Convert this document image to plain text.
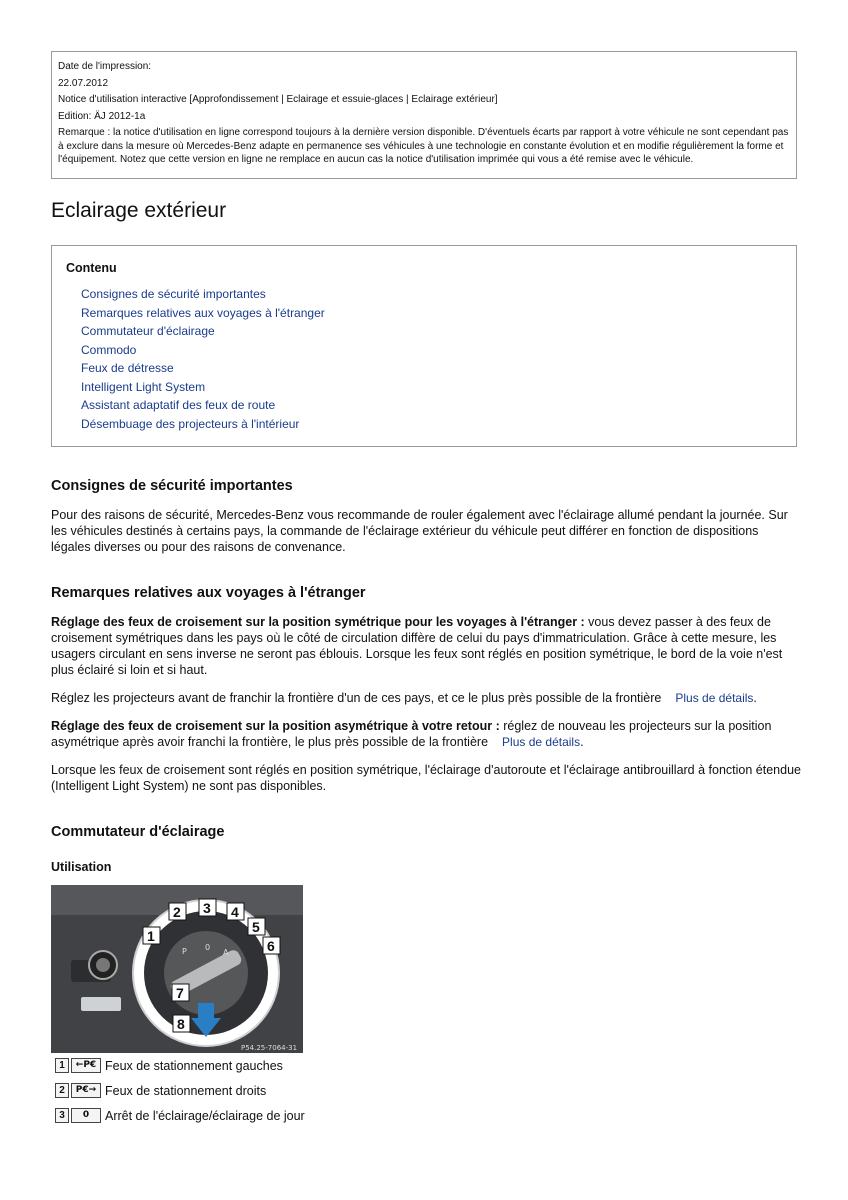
Date de l'impression:
22.07.2012
Notice d'utilisation interactive [Approfondissement | Eclairage et essuie-glaces | Eclairage extérieur]
Edition: ÄJ 2012-1a
Remarque : la notice d'utilisation en ligne correspond toujours à la dernière version disponible. D'éventuels écarts par rapport à votre véhicule ne sont cependant pas à exclure dans la mesure où Mercedes-Benz adapte en permanence ses véhicules à une technologie en constante évolution et en modifie régulièrement la forme et l'équipement. Notez que cette version en ligne ne remplace en aucun cas la notice d'utilisation imprimée qui vous a été remise avec le véhicule.
Eclairage extérieur
Contenu
Consignes de sécurité importantes
Remarques relatives aux voyages à l'étranger
Commutateur d'éclairage
Commodo
Feux de détresse
Intelligent Light System
Assistant adaptatif des feux de route
Désembuage des projecteurs à l'intérieur
Consignes de sécurité importantes

Pour des raisons de sécurité, Mercedes-Benz vous recommande de rouler également avec l'éclairage allumé pendant la journée. Sur les véhicules destinés à certains pays, la commande de l'éclairage extérieur du véhicule peut différer en fonction de dispositions légales diverses ou pour des raisons de convenance.

Remarques relatives aux voyages à l'étranger

Réglage des feux de croisement sur la position symétrique pour les voyages à l'étranger : vous devez passer à des feux de croisement symétriques dans les pays où le côté de circulation diffère de celui du pays d'immatriculation. Grâce à cette mesure, les usagers circulant en sens inverse ne seront pas éblouis. Lorsque les feux sont réglés en position symétrique, le bord de la voie n'est plus éclairé si loin et si haut.

Réglez les projecteurs avant de franchir la frontière d'un de ces pays, et ce le plus près possible de la frontière Plus de détails.

Réglage des feux de croisement sur la position asymétrique à votre retour : réglez de nouveau les projecteurs sur la position asymétrique après avoir franchi la frontière, le plus près possible de la frontière Plus de détails.

Lorsque les feux de croisement sont réglés en position symétrique, l'éclairage d'autoroute et l'éclairage antibrouillard à fonction étendue (Intelligent Light System) ne sont pas disponibles.

Commutateur d'éclairage
Utilisation
P 0
A
1
2 3 4
5
6
7
8
P54.25-7064-31
1 ←P€ Feux de stationnement gauches
2 P€→ Feux de stationnement droits
3 0 Arrêt de l'éclairage/éclairage de jour
